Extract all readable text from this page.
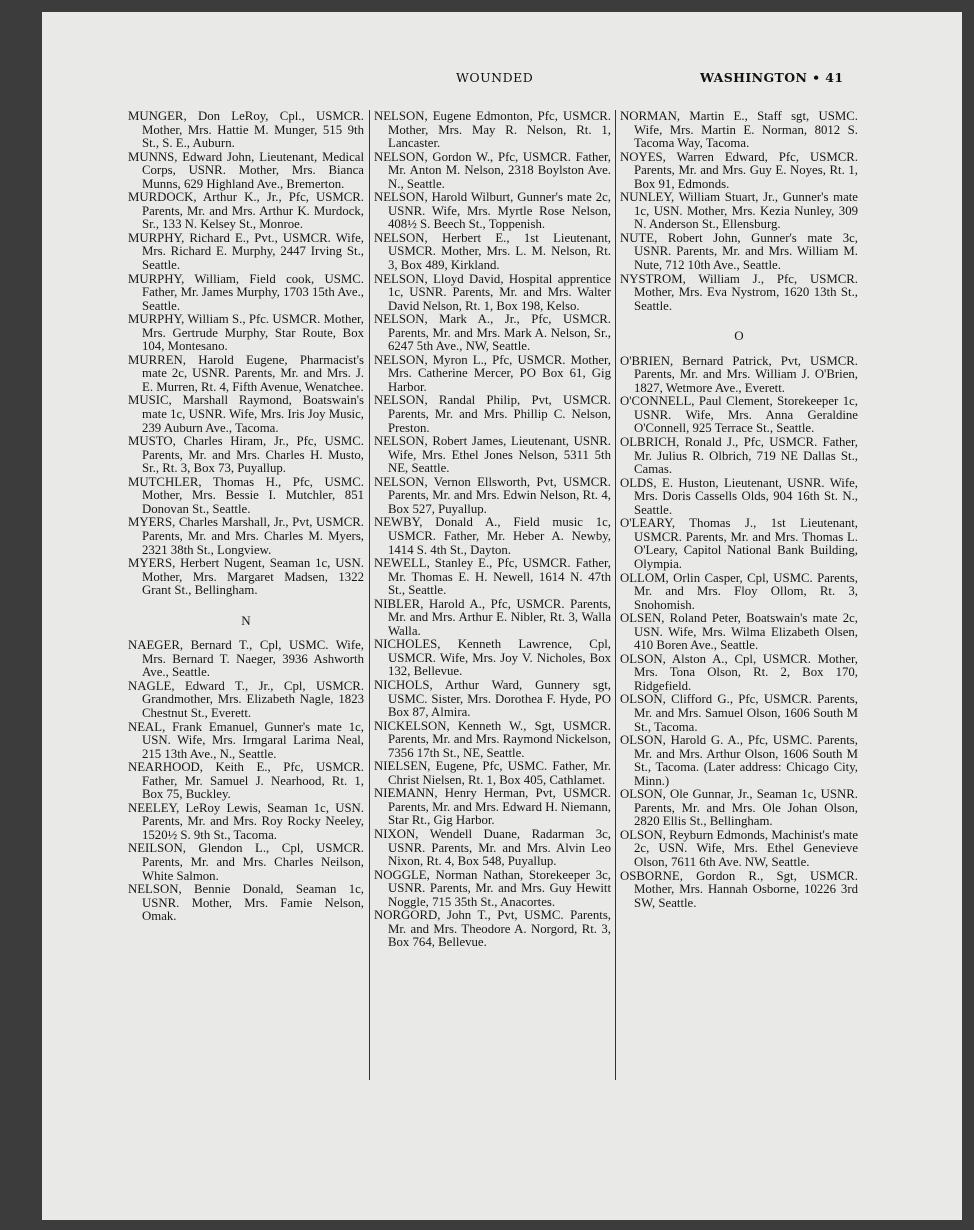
WOUNDED	WASHINGTON • 41
MUNGER, Don LeRoy, Cpl., USMCR. Mother, Mrs. Hattie M. Munger, 515 9th St., S. E., Auburn.
MUNNS, Edward John, Lieutenant, Medical Corps, USNR. Mother, Mrs. Bianca Munns, 629 Highland Ave., Bremerton.
MURDOCK, Arthur K., Jr., Pfc, USMCR. Parents, Mr. and Mrs. Arthur K. Murdock, Sr., 133 N. Kelsey St., Monroe.
MURPHY, Richard E., Pvt., USMCR. Wife, Mrs. Richard E. Murphy, 2447 Irving St., Seattle.
MURPHY, William, Field cook, USMC. Father, Mr. James Murphy, 1703 15th Ave., Seattle.
MURPHY, William S., Pfc. USMCR. Mother, Mrs. Gertrude Murphy, Star Route, Box 104, Montesano.
MURREN, Harold Eugene, Pharmacist's mate 2c, USNR. Parents, Mr. and Mrs. J. E. Murren, Rt. 4, Fifth Avenue, Wenatchee.
MUSIC, Marshall Raymond, Boatswain's mate 1c, USNR. Wife, Mrs. Iris Joy Music, 239 Auburn Ave., Tacoma.
MUSTO, Charles Hiram, Jr., Pfc, USMC. Parents, Mr. and Mrs. Charles H. Musto, Sr., Rt. 3, Box 73, Puyallup.
MUTCHLER, Thomas H., Pfc, USMC. Mother, Mrs. Bessie I. Mutchler, 851 Donovan St., Seattle.
MYERS, Charles Marshall, Jr., Pvt, USMCR. Parents, Mr. and Mrs. Charles M. Myers, 2321 38th St., Longview.
MYERS, Herbert Nugent, Seaman 1c, USN. Mother, Mrs. Margaret Madsen, 1322 Grant St., Bellingham.
N
NAEGER, Bernard T., Cpl, USMC. Wife, Mrs. Bernard T. Naeger, 3936 Ashworth Ave., Seattle.
NAGLE, Edward T., Jr., Cpl, USMCR. Grandmother, Mrs. Elizabeth Nagle, 1823 Chestnut St., Everett.
NEAL, Frank Emanuel, Gunner's mate 1c, USN. Wife, Mrs. Irmgaral Larima Neal, 215 13th Ave., N., Seattle.
NEARHOOD, Keith E., Pfc, USMCR. Father, Mr. Samuel J. Nearhood, Rt. 1, Box 75, Buckley.
NEELEY, LeRoy Lewis, Seaman 1c, USN. Parents, Mr. and Mrs. Roy Rocky Neeley, 1520½ S. 9th St., Tacoma.
NEILSON, Glendon L., Cpl, USMCR. Parents, Mr. and Mrs. Charles Neilson, White Salmon.
NELSON, Bennie Donald, Seaman 1c, USNR. Mother, Mrs. Famie Nelson, Omak.
NELSON, Eugene Edmonton, Pfc, USMCR. Mother, Mrs. May R. Nelson, Rt. 1, Lancaster.
NELSON, Gordon W., Pfc, USMCR. Father, Mr. Anton M. Nelson, 2318 Boylston Ave. N., Seattle.
NELSON, Harold Wilburt, Gunner's mate 2c, USNR. Wife, Mrs. Myrtle Rose Nelson, 408½ S. Beech St., Toppenish.
NELSON, Herbert E., 1st Lieutenant, USMCR. Mother, Mrs. L. M. Nelson, Rt. 3, Box 489, Kirkland.
NELSON, Lloyd David, Hospital apprentice 1c, USNR. Parents, Mr. and Mrs. Walter David Nelson, Rt. 1, Box 198, Kelso.
NELSON, Mark A., Jr., Pfc, USMCR. Parents, Mr. and Mrs. Mark A. Nelson, Sr., 6247 5th Ave., NW, Seattle.
NELSON, Myron L., Pfc, USMCR. Mother, Mrs. Catherine Mercer, PO Box 61, Gig Harbor.
NELSON, Randal Philip, Pvt, USMCR. Parents, Mr. and Mrs. Phillip C. Nelson, Preston.
NELSON, Robert James, Lieutenant, USNR. Wife, Mrs. Ethel Jones Nelson, 5311 5th NE, Seattle.
NELSON, Vernon Ellsworth, Pvt, USMCR. Parents, Mr. and Mrs. Edwin Nelson, Rt. 4, Box 527, Puyallup.
NEWBY, Donald A., Field music 1c, USMCR. Father, Mr. Heber A. Newby, 1414 S. 4th St., Dayton.
NEWELL, Stanley E., Pfc, USMCR. Father, Mr. Thomas E. H. Newell, 1614 N. 47th St., Seattle.
NIBLER, Harold A., Pfc, USMCR. Parents, Mr. and Mrs. Arthur E. Nibler, Rt. 3, Walla Walla.
NICHOLES, Kenneth Lawrence, Cpl, USMCR. Wife, Mrs. Joy V. Nicholes, Box 132, Bellevue.
NICHOLS, Arthur Ward, Gunnery sgt, USMC. Sister, Mrs. Dorothea F. Hyde, PO Box 87, Almira.
NICKELSON, Kenneth W., Sgt, USMCR. Parents, Mr. and Mrs. Raymond Nickelson, 7356 17th St., NE, Seattle.
NIELSEN, Eugene, Pfc, USMC. Father, Mr. Christ Nielsen, Rt. 1, Box 405, Cathlamet.
NIEMANN, Henry Herman, Pvt, USMCR. Parents, Mr. and Mrs. Edward H. Niemann, Star Rt., Gig Harbor.
NIXON, Wendell Duane, Radarman 3c, USNR. Parents, Mr. and Mrs. Alvin Leo Nixon, Rt. 4, Box 548, Puyallup.
NOGGLE, Norman Nathan, Storekeeper 3c, USNR. Parents, Mr. and Mrs. Guy Hewitt Noggle, 715 35th St., Anacortes.
NORGORD, John T., Pvt, USMC. Parents, Mr. and Mrs. Theodore A. Norgord, Rt. 3, Box 764, Bellevue.
NORMAN, Martin E., Staff sgt, USMC. Wife, Mrs. Martin E. Norman, 8012 S. Tacoma Way, Tacoma.
NOYES, Warren Edward, Pfc, USMCR. Parents, Mr. and Mrs. Guy E. Noyes, Rt. 1, Box 91, Edmonds.
NUNLEY, William Stuart, Jr., Gunner's mate 1c, USN. Mother, Mrs. Kezia Nunley, 309 N. Anderson St., Ellensburg.
NUTE, Robert John, Gunner's mate 3c, USNR. Parents, Mr. and Mrs. William M. Nute, 712 10th Ave., Seattle.
NYSTROM, William J., Pfc, USMCR. Mother, Mrs. Eva Nystrom, 1620 13th St., Seattle.
O
O'BRIEN, Bernard Patrick, Pvt, USMCR. Parents, Mr. and Mrs. William J. O'Brien, 1827, Wetmore Ave., Everett.
O'CONNELL, Paul Clement, Storekeeper 1c, USNR. Wife, Mrs. Anna Geraldine O'Connell, 925 Terrace St., Seattle.
OLBRICH, Ronald J., Pfc, USMCR. Father, Mr. Julius R. Olbrich, 719 NE Dallas St., Camas.
OLDS, E. Huston, Lieutenant, USNR. Wife, Mrs. Doris Cassells Olds, 904 16th St. N., Seattle.
O'LEARY, Thomas J., 1st Lieutenant, USMCR. Parents, Mr. and Mrs. Thomas L. O'Leary, Capitol National Bank Building, Olympia.
OLLOM, Orlin Casper, Cpl, USMC. Parents, Mr. and Mrs. Floy Ollom, Rt. 3, Snohomish.
OLSEN, Roland Peter, Boatswain's mate 2c, USN. Wife, Mrs. Wilma Elizabeth Olsen, 410 Boren Ave., Seattle.
OLSON, Alston A., Cpl, USMCR. Mother, Mrs. Tona Olson, Rt. 2, Box 170, Ridgefield.
OLSON, Clifford G., Pfc, USMCR. Parents, Mr. and Mrs. Samuel Olson, 1606 South M St., Tacoma.
OLSON, Harold G. A., Pfc, USMC. Parents, Mr. and Mrs. Arthur Olson, 1606 South M St., Tacoma. (Later address: Chicago City, Minn.)
OLSON, Ole Gunnar, Jr., Seaman 1c, USNR. Parents, Mr. and Mrs. Ole Johan Olson, 2820 Ellis St., Bellingham.
OLSON, Reyburn Edmonds, Machinist's mate 2c, USN. Wife, Mrs. Ethel Genevieve Olson, 7611 6th Ave. NW, Seattle.
OSBORNE, Gordon R., Sgt, USMCR. Mother, Mrs. Hannah Osborne, 10226 3rd SW, Seattle.
